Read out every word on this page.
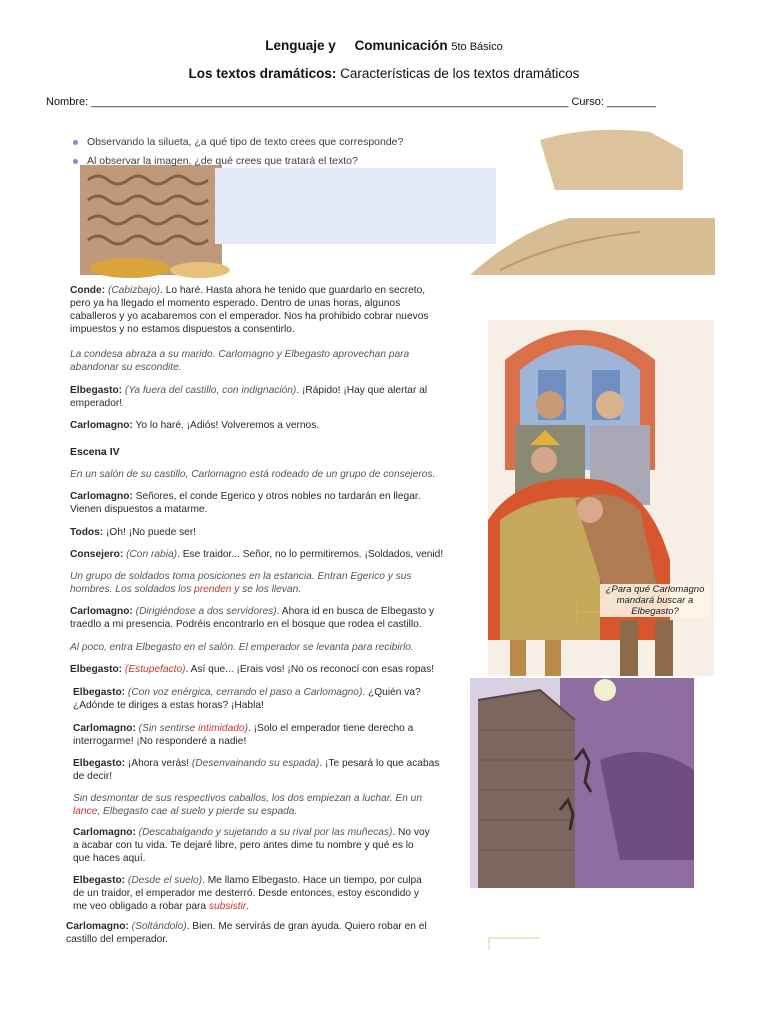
Lenguaje y Comunicación 5to Básico
Los textos dramáticos: Características de los textos dramáticos
Nombre: ______________________________________________________________________________ Curso: ________
Observando la silueta, ¿a qué tipo de texto crees que corresponde?
Al observar la imagen, ¿de qué crees que tratará el texto?
¿Para qué Carlomagno
mandará buscar a
Elbegasto?

Conde: (Cabizbajo). Lo haré. Hasta ahora he tenido que guardarlo en secreto,

pero ya ha llegado el momento esperado. Dentro de unas horas, algunos

caballeros y yo acabaremos con el emperador. Nos ha prohibido cobrar nuevos

impuestos y no estamos dispuestos a consentirlo.

La condesa abraza a su marido. Carlomagno y Elbegasto aprovechan para

abandonar su escondite.

Elbegasto: (Ya fuera del castillo, con indignación). ¡Rápido! ¡Hay que alertar al

emperador!

Carlomagno: Yo lo haré. ¡Adiós! Volveremos a vernos.

Escena IV

En un salón de su castillo, Carlomagno está rodeado de un grupo de consejeros.

Carlomagno: Señores, el conde Egerico y otros nobles no tardarán en llegar.

Vienen dispuestos a matarme.

Todos: ¡Oh! ¡No puede ser!

Consejero: (Con rabia). Ese traidor... Señor, no lo permitiremos. ¡Soldados, venid!

Un grupo de soldados toma posiciones en la estancia. Entran Egerico y sus

hombres. Los soldados los prenden y se los llevan.

Carlomagno: (Dirigiéndose a dos servidores). Ahora id en busca de Elbegasto y

traedlo a mi presencia. Podréis encontrarlo en el bosque que rodea el castillo.

Al poco, entra Elbegasto en el salón. El emperador se levanta para recibirlo.

Elbegasto: (Estupefacto). Así que... ¡Erais vos! ¡No os reconocí con esas ropas!

Elbegasto: (Con voz enérgica, cerrando el paso a Carlomagno). ¿Quién va?

¿Adónde te diriges a estas horas? ¡Habla!

Carlomagno: (Sin sentirse intimidado). ¡Solo el emperador tiene derecho a

interrogarme! ¡No responderé a nadie!

Elbegasto: ¡Ahora verás! (Desenvainando su espada). ¡Te pesará lo que acabas

de decir!

Sin desmontar de sus respectivos caballos, los dos empiezan a luchar. En un

lance, Elbegasto cae al suelo y pierde su espada.

Carlomagno: (Descabalgando y sujetando a su rival por las muñecas). No voy

a acabar con tu vida. Te dejaré libre, pero antes dime tu nombre y qué es lo

que haces aquí.

Elbegasto: (Desde el suelo). Me llamo Elbegasto. Hace un tiempo, por culpa

de un traidor, el emperador me desterró. Desde entonces, estoy escondido y

me veo obligado a robar para subsistir.

Carlomagno: (Soltándolo). Bien. Me servirás de gran ayuda. Quiero robar en el

castillo del emperador.
